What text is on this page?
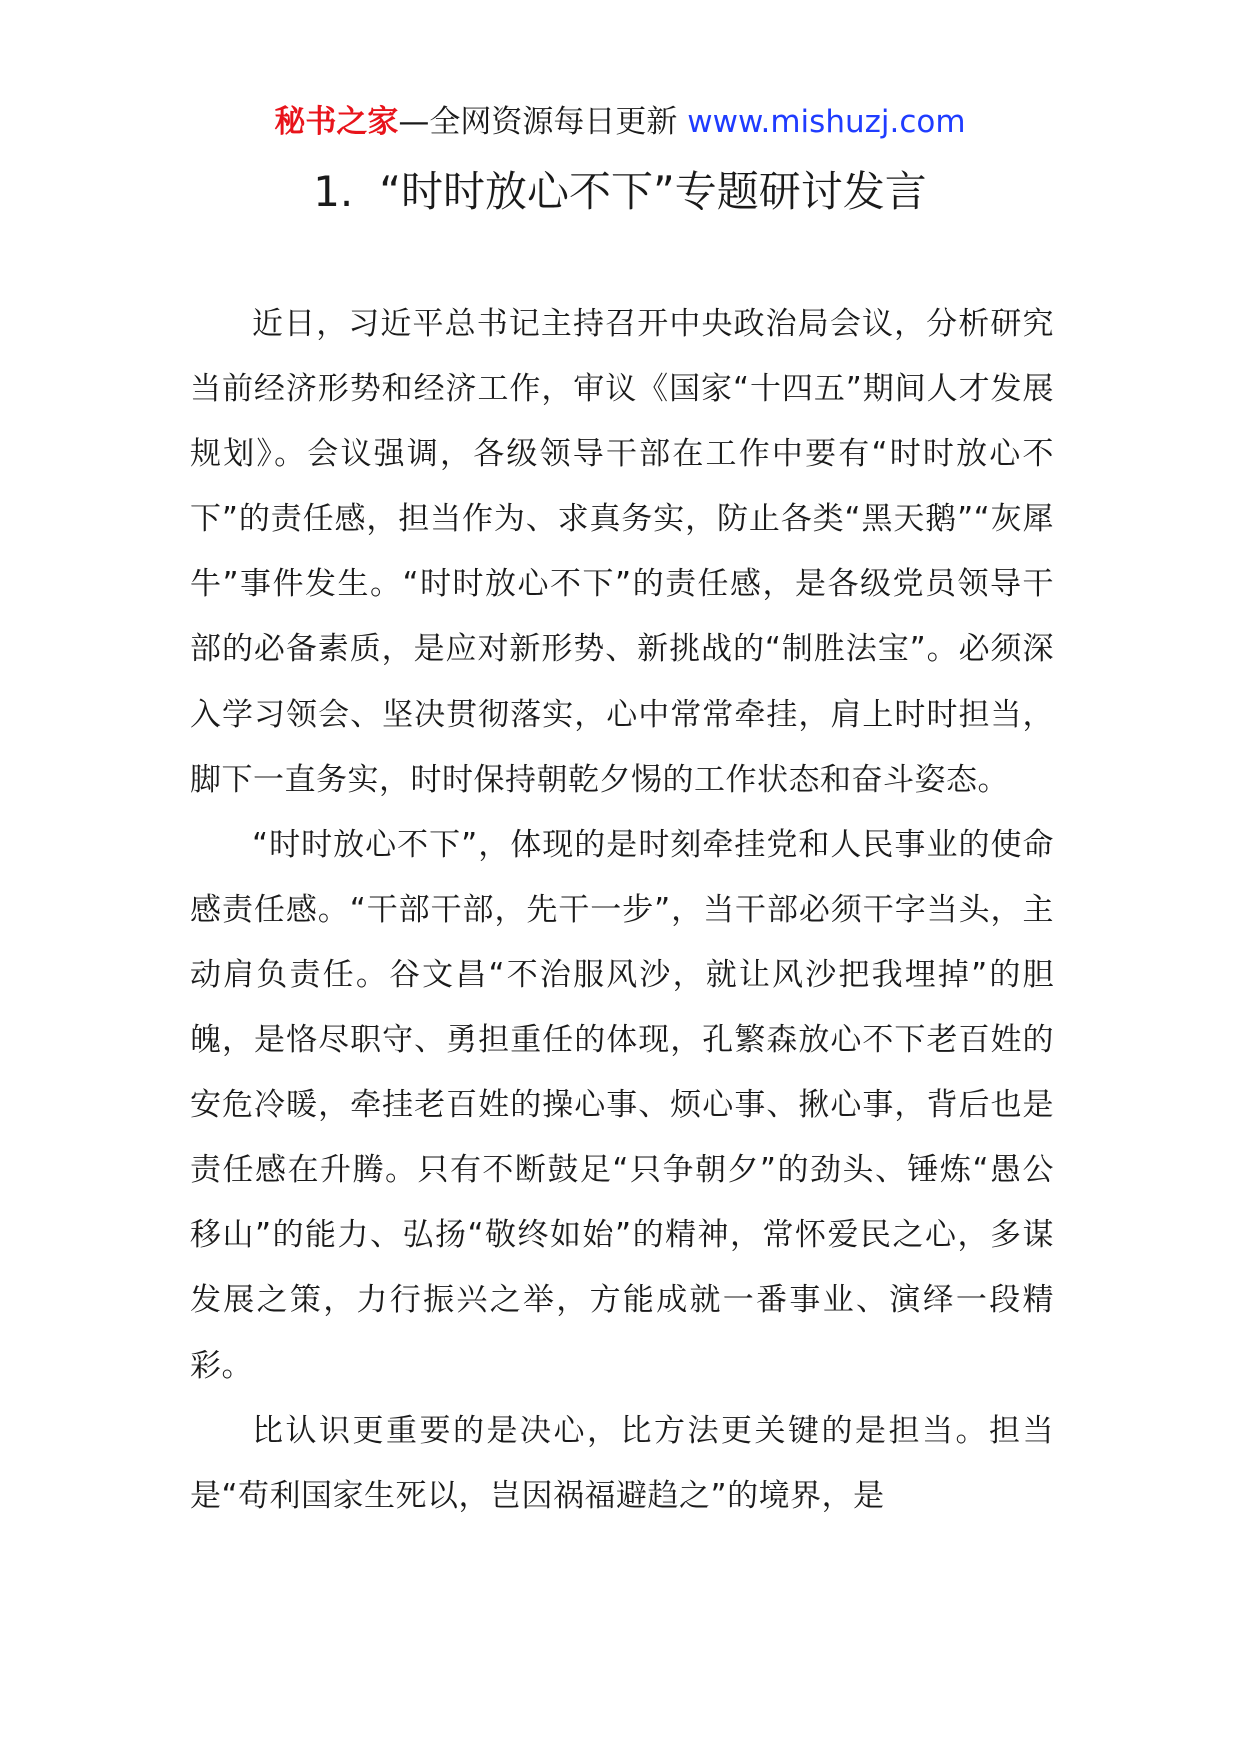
秘书之家—全网资源每日更新 www.mishuzj.com
1. “时时放心不下”专题研讨发言

近日，习近平总书记主持召开中央政治局会议，分析研究当前经济形势和经济工作，审议《国家“十四五”期间人才发展规划》。会议强调，各级领导干部在工作中要有“时时放心不下”的责任感，担当作为、求真务实，防止各类“黑天鹅”“灰犀牛”事件发生。“时时放心不下”的责任感，是各级党员领导干部的必备素质，是应对新形势、新挑战的“制胜法宝”。必须深入学习领会、坚决贯彻落实，心中常常牵挂，肩上时时担当，脚下一直务实，时时保持朝乾夕惕的工作状态和奋斗姿态。

“时时放心不下”，体现的是时刻牵挂党和人民事业的使命感责任感。“干部干部，先干一步”，当干部必须干字当头，主动肩负责任。谷文昌“不治服风沙，就让风沙把我埋掉”的胆魄，是恪尽职守、勇担重任的体现，孔繁森放心不下老百姓的安危冷暖，牵挂老百姓的操心事、烦心事、揪心事，背后也是责任感在升腾。只有不断鼓足“只争朝夕”的劲头、锤炼“愚公移山”的能力、弘扬“敬终如始”的精神，常怀爱民之心，多谋发展之策，力行振兴之举，方能成就一番事业、演绎一段精彩。

比认识更重要的是决心，比方法更关键的是担当。担当是“苟利国家生死以，岂因祸福避趋之”的境界，是
